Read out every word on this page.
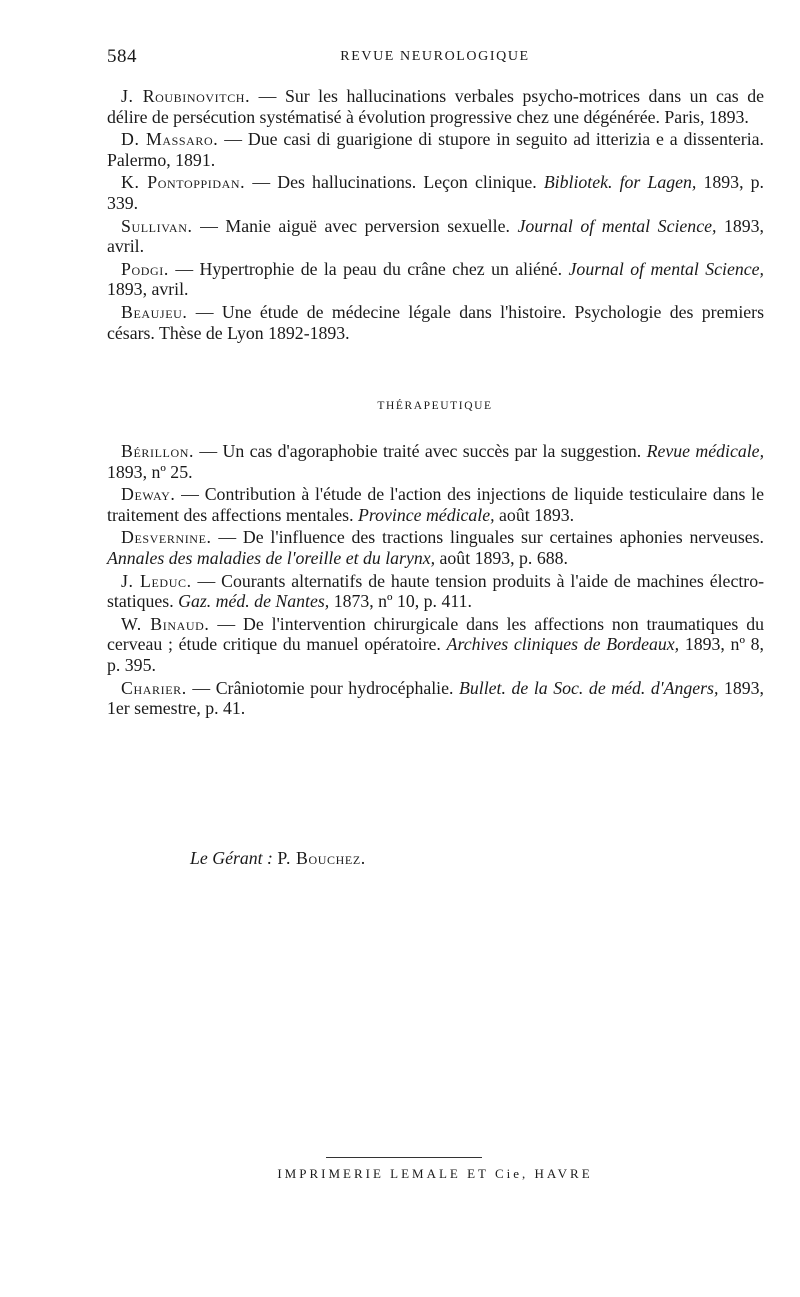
584	REVUE NEUROLOGIQUE

J. Roubinovitch. — Sur les hallucinations verbales psycho-motrices dans un cas de délire de persécution systématisé à évolution progressive chez une dégénérée. Paris, 1893.

D. Massaro. — Due casi di guarigione di stupore in seguito ad itterizia e a dissenteria. Palermo, 1891.

K. Pontoppidan. — Des hallucinations. Leçon clinique. Bibliotek. for Lagen, 1893, p. 339.

Sullivan. — Manie aiguë avec perversion sexuelle. Journal of mental Science, 1893, avril.

Podgi. — Hypertrophie de la peau du crâne chez un aliéné. Journal of mental Science, 1893, avril.

Beaujeu. — Une étude de médecine légale dans l'histoire. Psychologie des premiers césars. Thèse de Lyon 1892-1893.

THÉRAPEUTIQUE

Bérillon. — Un cas d'agoraphobie traité avec succès par la suggestion. Revue médicale, 1893, nº 25.

Deway. — Contribution à l'étude de l'action des injections de liquide testiculaire dans le traitement des affections mentales. Province médicale, août 1893.

Desvernine. — De l'influence des tractions linguales sur certaines aphonies nerveuses. Annales des maladies de l'oreille et du larynx, août 1893, p. 688.

J. Leduc. — Courants alternatifs de haute tension produits à l'aide de machines électro-statiques. Gaz. méd. de Nantes, 1873, nº 10, p. 411.

W. Binaud. — De l'intervention chirurgicale dans les affections non traumatiques du cerveau ; étude critique du manuel opératoire. Archives cliniques de Bordeaux, 1893, nº 8, p. 395.

Charier. — Crâniotomie pour hydrocéphalie. Bullet. de la Soc. de méd. d'Angers, 1893, 1er semestre, p. 41.

Le Gérant : P. Bouchez.
IMPRIMERIE LEMALE ET Cie, HAVRE
